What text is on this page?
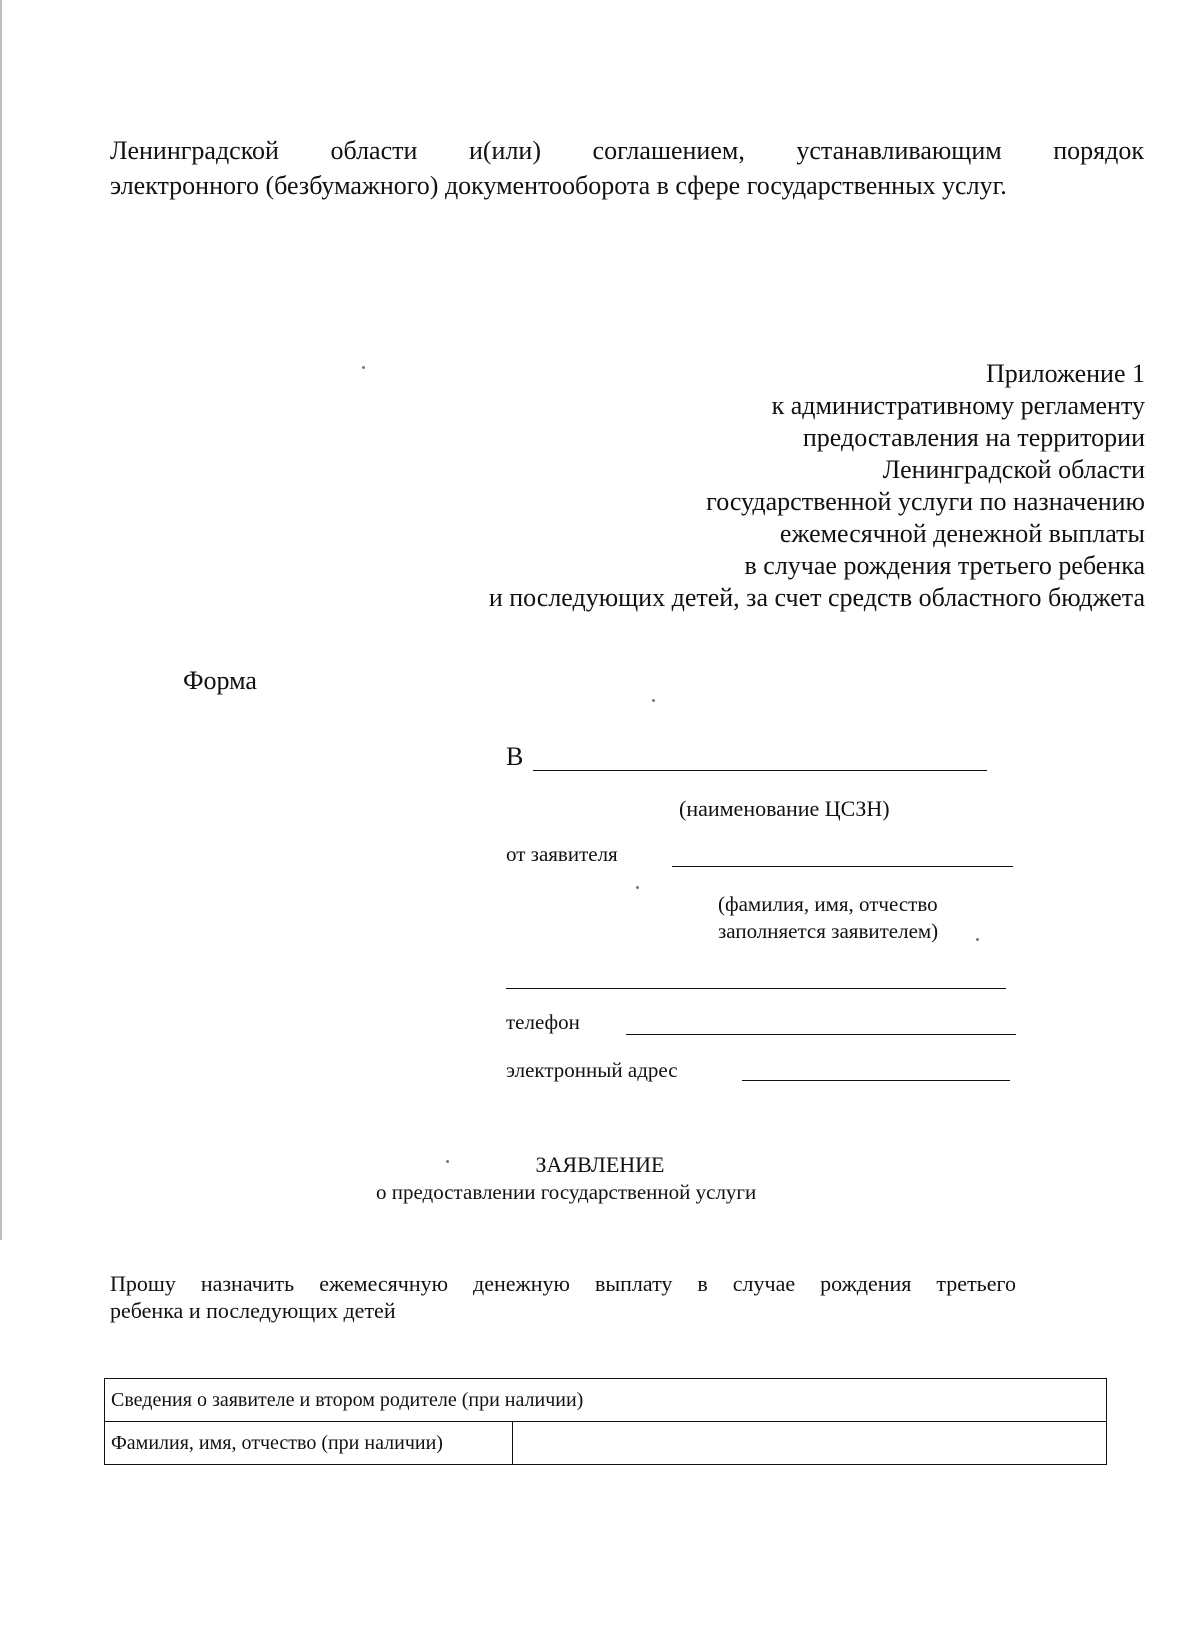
Ленинградской области и(или) соглашением, устанавливающим порядок
электронного (безбумажного) документооборота в сфере государственных услуг.
Приложение 1
к административному регламенту
предоставления на территории
Ленинградской области
государственной услуги по назначению
ежемесячной денежной выплаты
в случае рождения третьего ребенка
и последующих детей, за счет средств областного бюджета
Форма
В
(наименование ЦСЗН)
от заявителя
(фамилия, имя, отчество
заполняется заявителем)
телефон
электронный адрес
ЗАЯВЛЕНИЕ
о предоставлении государственной услуги
Прошу назначить ежемесячную денежную выплату в случае рождения третьего
ребенка и последующих детей
Сведения о заявителе и втором родителе (при наличии)
Фамилия, имя, отчество (при наличии)	
